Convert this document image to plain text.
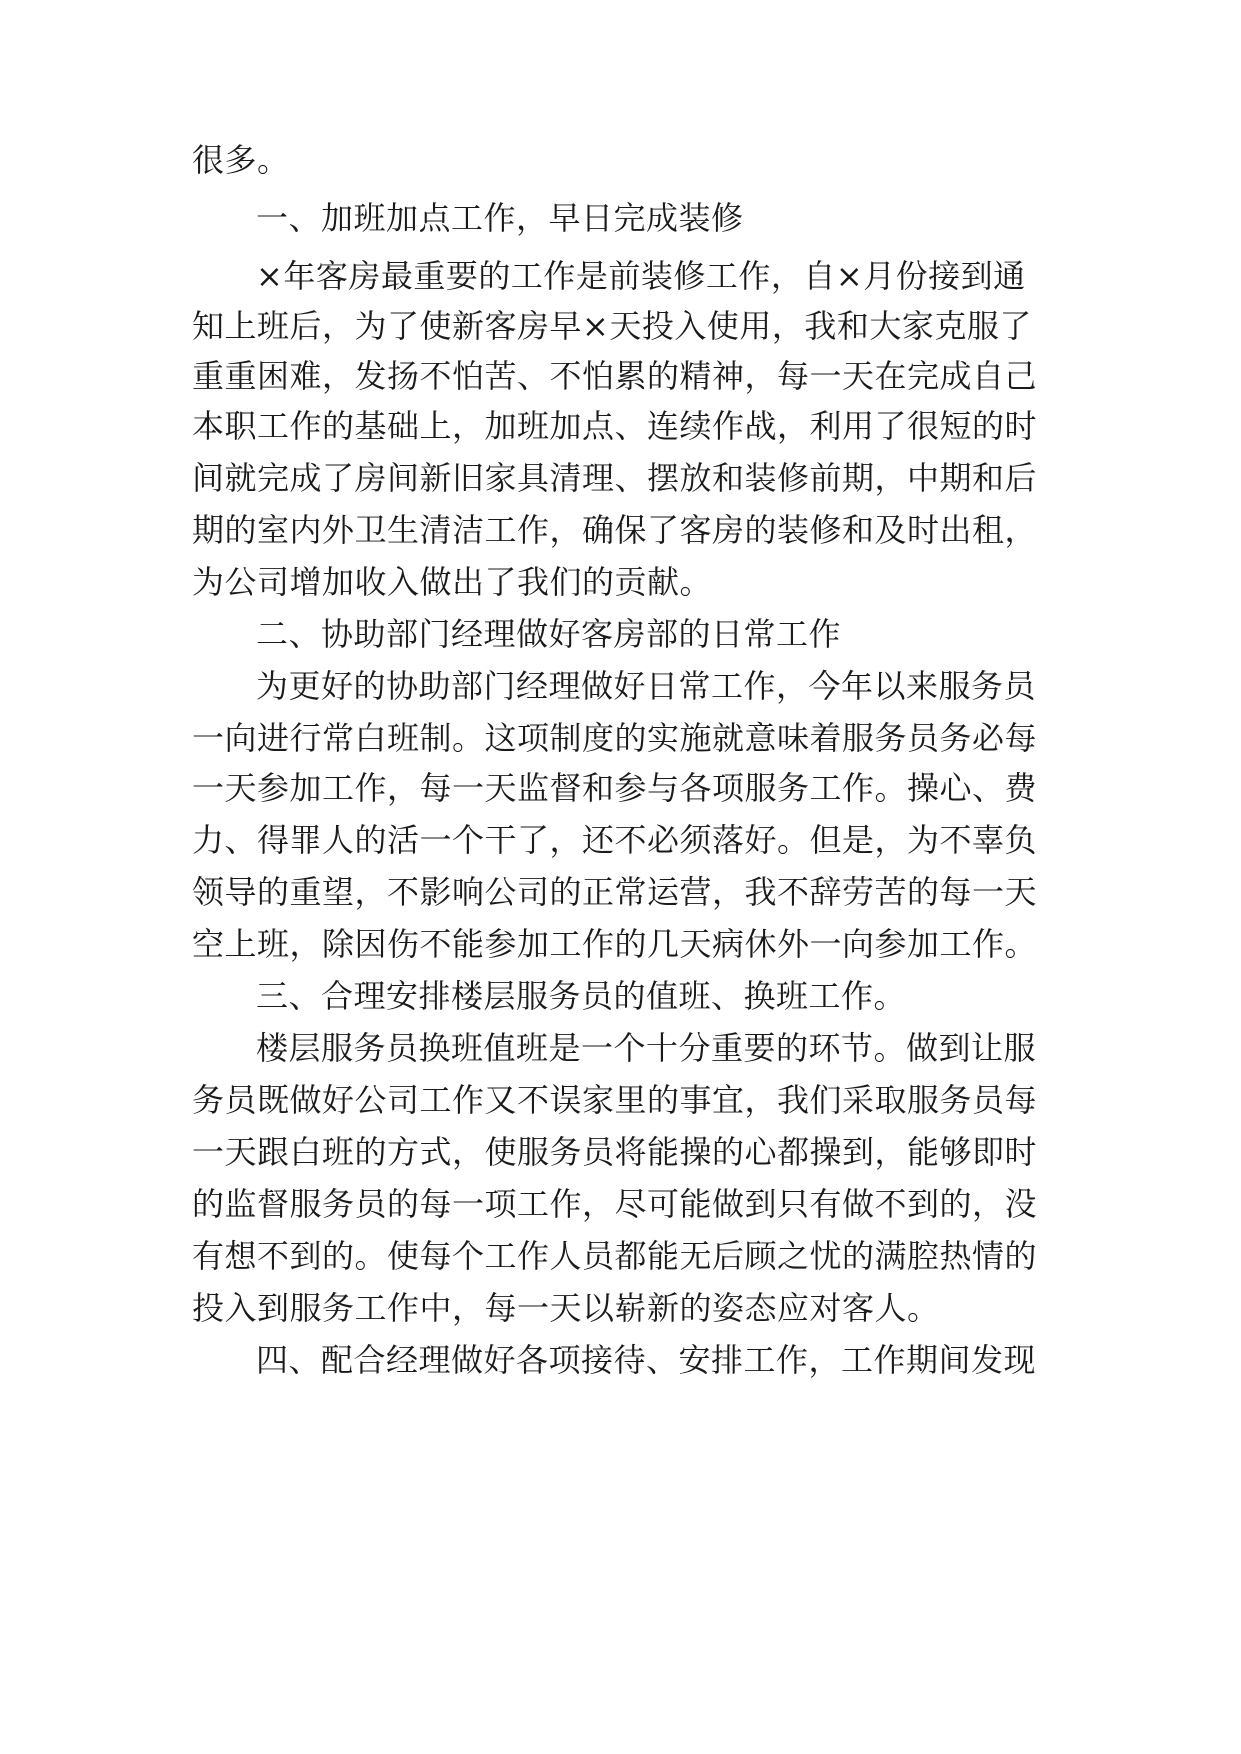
很多。
一、加班加点工作，早日完成装修
×年客房最重要的工作是前装修工作，自×月份接到通
知上班后，为了使新客房早×天投入使用，我和大家克服了
重重困难，发扬不怕苦、不怕累的精神，每一天在完成自己
本职工作的基础上，加班加点、连续作战，利用了很短的时
间就完成了房间新旧家具清理、摆放和装修前期，中期和后
期的室内外卫生清洁工作，确保了客房的装修和及时出租，
为公司增加收入做出了我们的贡献。
二、协助部门经理做好客房部的日常工作
为更好的协助部门经理做好日常工作，今年以来服务员
一向进行常白班制。这项制度的实施就意味着服务员务必每
一天参加工作，每一天监督和参与各项服务工作。操心、费
力、得罪人的活一个干了，还不必须落好。但是，为不辜负
领导的重望，不影响公司的正常运营，我不辞劳苦的每一天
空上班，除因伤不能参加工作的几天病休外一向参加工作。
三、合理安排楼层服务员的值班、换班工作。
楼层服务员换班值班是一个十分重要的环节。做到让服
务员既做好公司工作又不误家里的事宜，我们采取服务员每
一天跟白班的方式，使服务员将能操的心都操到，能够即时
的监督服务员的每一项工作，尽可能做到只有做不到的，没
有想不到的。使每个工作人员都能无后顾之忧的满腔热情的
投入到服务工作中，每一天以崭新的姿态应对客人。
四、配合经理做好各项接待、安排工作，工作期间发现
